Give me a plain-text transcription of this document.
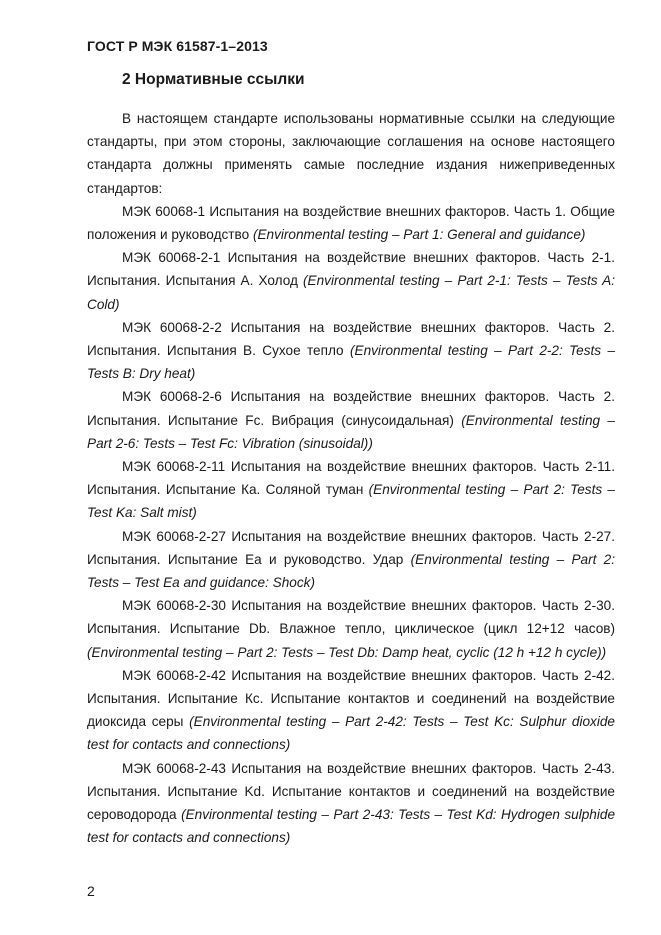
ГОСТ Р МЭК 61587-1–2013
2 Нормативные ссылки

В настоящем стандарте использованы нормативные ссылки на следующие стандарты, при этом стороны, заключающие соглашения на основе настоящего стандарта должны применять самые последние издания нижеприведенных стандартов:

МЭК 60068-1 Испытания на воздействие внешних факторов. Часть 1. Общие положения и руководство (Environmental testing – Part 1: General and guidance)

МЭК 60068-2-1 Испытания на воздействие внешних факторов. Часть 2-1. Испытания. Испытания А. Холод (Environmental testing – Part 2-1: Tests – Tests A: Cold)

МЭК 60068-2-2 Испытания на воздействие внешних факторов. Часть 2. Испытания. Испытания В. Сухое тепло (Environmental testing – Part 2-2: Tests – Tests B: Dry heat)

МЭК 60068-2-6 Испытания на воздействие внешних факторов. Часть 2. Испытания. Испытание Fc. Вибрация (синусоидальная) (Environmental testing – Part 2-6: Tests – Test Fc: Vibration (sinusoidal))

МЭК 60068-2-11 Испытания на воздействие внешних факторов. Часть 2-11. Испытания. Испытание Ка. Соляной туман (Environmental testing – Part 2: Tests – Test Ka: Salt mist)

МЭК 60068-2-27 Испытания на воздействие внешних факторов. Часть 2-27. Испытания. Испытание Еа и руководство. Удар (Environmental testing – Part 2: Tests – Test Ea and guidance: Shock)

МЭК 60068-2-30 Испытания на воздействие внешних факторов. Часть 2-30. Испытания. Испытание Db. Влажное тепло, циклическое (цикл 12+12 часов) (Environmental testing – Part 2: Tests – Test Db: Damp heat, cyclic (12 h +12 h cycle))

МЭК 60068-2-42 Испытания на воздействие внешних факторов. Часть 2-42. Испытания. Испытание Кс. Испытание контактов и соединений на воздействие диоксида серы (Environmental testing – Part 2-42: Tests – Test Kc: Sulphur dioxide test for contacts and connections)

МЭК 60068-2-43 Испытания на воздействие внешних факторов. Часть 2-43. Испытания. Испытание Kd. Испытание контактов и соединений на воздействие сероводорода (Environmental testing – Part 2-43: Tests – Test Kd: Hydrogen sulphide test for contacts and connections)

2
